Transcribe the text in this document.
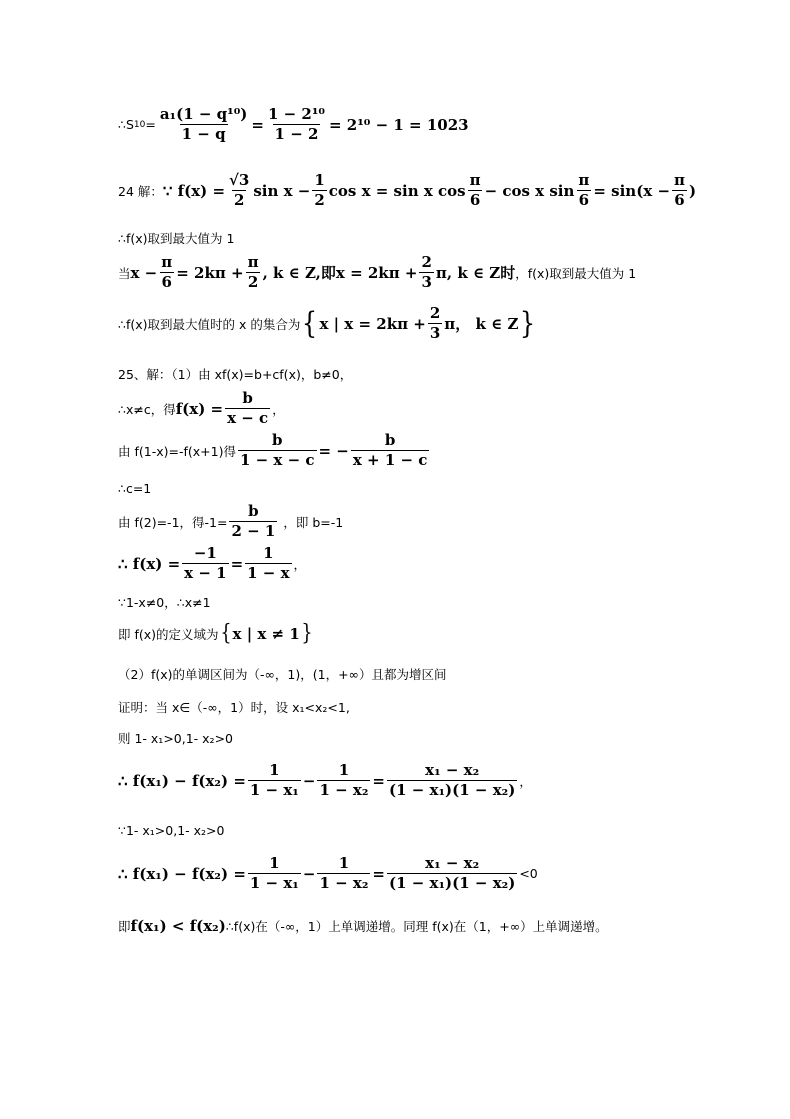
∴S $10 = \frac{\text{a₁(1 − q¹⁰)}}{1 - q} = \frac{\text{1 − 2¹⁰}}{1 - 2} = 2^{10} - 1 = 1023$
24 解： ∵ $f(x) = \frac{√3}{2}$ $\sin x - \frac{1}{2}$ cos x = sin x $\cos \frac{\pi}{6} - \cos x$ $\sin \frac{\pi}{6} = \sin(x - \frac{\pi}{6}$ )
∴f(x)取到最大值为 1
当 $x - \frac{\pi}{6} = 2k\pi + \frac{\pi}{2}$ , k ∈ Z,即$x = 2k\pi + \frac{2}{3} \pi$, k ∈ Z时 ，f(x)取到最大值为 1
∴f(x)取到最大值时的 x 的集合为 { x | $x = 2k\pi + \frac{2}{3}$ π， k ∈ Z }
25、解：（1）由 xf(x)=b+cf(x)，b≠0，
∴x≠c，得 $f(x) = \frac{b}{x - c}$ ，
由 f(1-x)=-f(x+1)得 $\frac{b}{1 - x - c}$ = − $\frac{b}{x + 1 - c}$
∴c=1
由 f(2)=-1，得$-1= \frac{b}{2 - 1}$ ，即 b=-1
∴ $f(x) = \frac{-1}{x - 1} = \frac{1}{1 - x}$ ，
∵1-x≠0，∴x≠1
即 f(x)的定义域为 { x | x ≠ 1 }
（2）f(x)的单调区间为（-∞，1)，(1，+∞）且都为增区间
证明：当 x∈（-∞，1）时，设 x₁<x₂<1,
则 1- x₁>0,1- x₂>0
∴ $f(x_1) - f(x_2) = \frac{1}{\text{1 − x₁}} - \frac{1}{\text{1 − x₂}} = \frac{\text{x₁ − x₂}}{\text{(1 − x₁)(1 − x₂)}}$ ，
∵1- x₁>0,1- x₂>0
∴ $f(x_1) - f(x_2) = \frac{1}{\text{1 − x₁}} - \frac{1}{\text{1 − x₂}} = \frac{\text{x₁ − x₂}}{\text{(1 − x₁)(1 − x₂)}} <0$
即 f(x₁) < f(x₂) ∴f(x)在（-∞，1）上单调递增。同理 f(x)在（1，+∞）上单调递增。
